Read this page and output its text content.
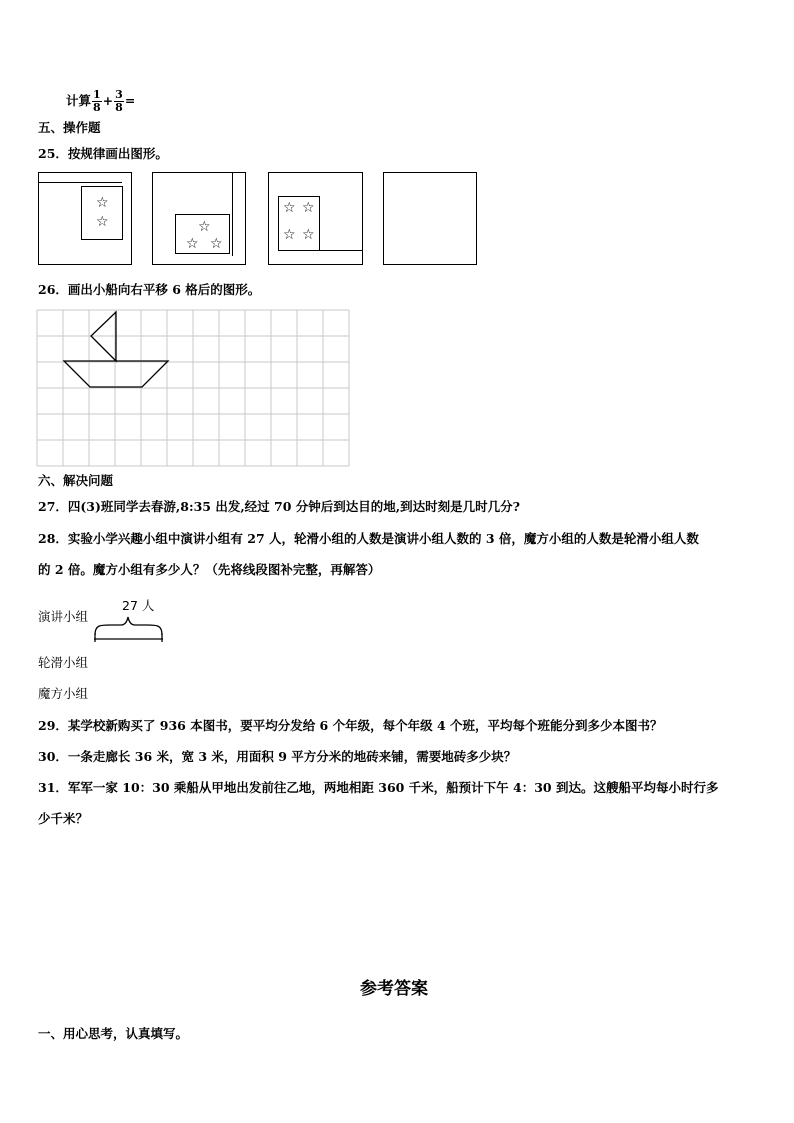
计算 $\frac{1}{8} + \frac{3}{8}$ =
五、操作题
25．按规律画出图形。
☆
☆	☆
☆ ☆
☆ ☆
☆ ☆
26．画出小船向右平移 6 格后的图形。
六、解决问题
27．四(3)班同学去春游,8:35 出发,经过 70 分钟后到达目的地,到达时刻是几时几分?
28．实验小学兴趣小组中演讲小组有 27 人，轮滑小组的人数是演讲小组人数的 3 倍，魔方小组的人数是轮滑小组人数
的 2 倍。魔方小组有多少人？（先将线段图补完整，再解答）
27 人
演讲小组
轮滑小组
魔方小组
29．某学校新购买了 936 本图书，要平均分发给 6 个年级，每个年级 4 个班，平均每个班能分到多少本图书？
30．一条走廊长 36 米，宽 3 米，用面积 9 平方分米的地砖来铺，需要地砖多少块？
31．军军一家 10：30 乘船从甲地出发前往乙地，两地相距 360 千米，船预计下午 4：30 到达。这艘船平均每小时行多
少千米？
参考答案
一、用心思考，认真填写。
